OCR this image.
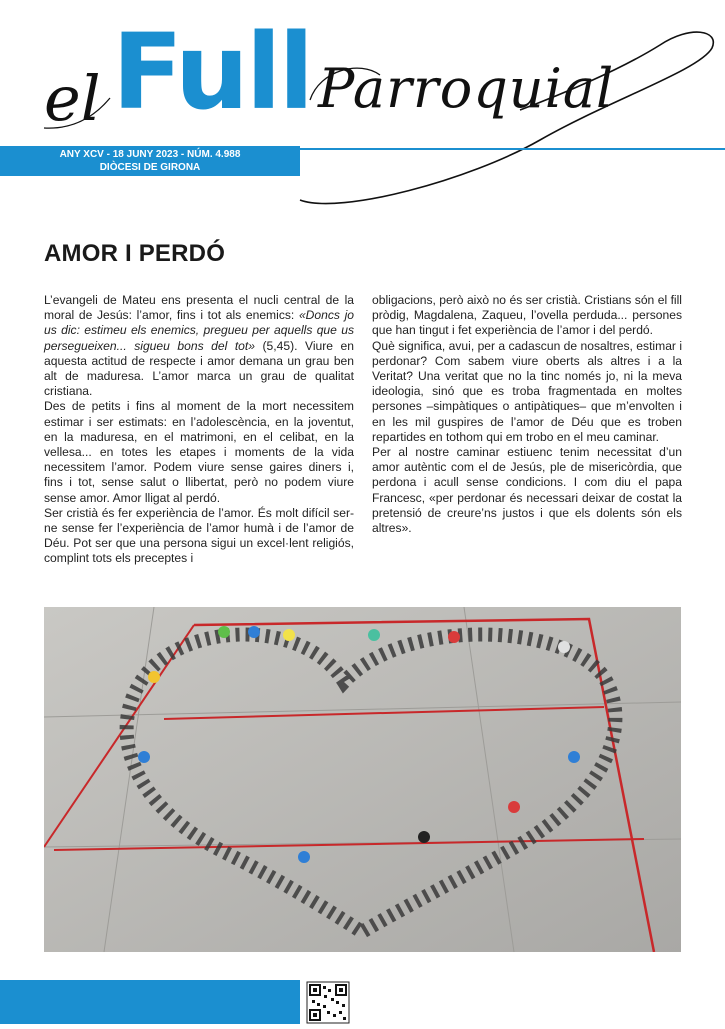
el Full Parroquial
ANY XCV - 18 JUNY 2023 - NÚM. 4.988
DIÒCESI DE GIRONA
AMOR I PERDÓ

L’evangeli de Mateu ens presenta el nucli central de la moral de Jesús: l’amor, fins i tot als enemics: «Doncs jo us dic: estimeu els enemics, pregueu per aquells que us persegueixen... sigueu bons del tot» (5,45). Viure en aquesta actitud de respecte i amor demana un grau ben alt de maduresa. L’amor marca un grau de qualitat cristiana.

Des de petits i fins al moment de la mort necessitem estimar i ser estimats: en l’adolescència, en la joventut, en la maduresa, en el matrimoni, en el celibat, en la vellesa... en totes les etapes i moments de la vida necessitem l’amor. Podem viure sense gaires diners i, fins i tot, sense salut o llibertat, però no podem viure sense amor. Amor lligat al perdó.

Ser cristià és fer experiència de l’amor. És molt difícil ser-ne sense fer l’experiència de l’amor humà i de l’amor de Déu. Pot ser que una persona sigui un excel·lent religiós, complint tots els preceptes i

obligacions, però això no és ser cristià. Cristians són el fill pròdig, Magdalena, Zaqueu, l’ovella perduda... persones que han tingut i fet experiència de l’amor i del perdó.

Què significa, avui, per a cadascun de nosaltres, estimar i perdonar? Com sabem viure oberts als altres i a la Veritat? Una veritat que no la tinc només jo, ni la meva ideologia, sinó que es troba fragmentada en moltes persones –simpàtiques o antipàtiques– que m’envolten i en les mil guspires de l’amor de Déu que es troben repartides en tothom qui em trobo en el meu caminar.

Per al nostre caminar estiuenc tenim necessitat d’un amor autèntic com el de Jesús, ple de misericòrdia, que perdona i acull sense condicions. I com diu el papa Francesc, «per perdonar és necessari deixar de costat la pretensió de creure’ns justos i que els dolents són els altres».
